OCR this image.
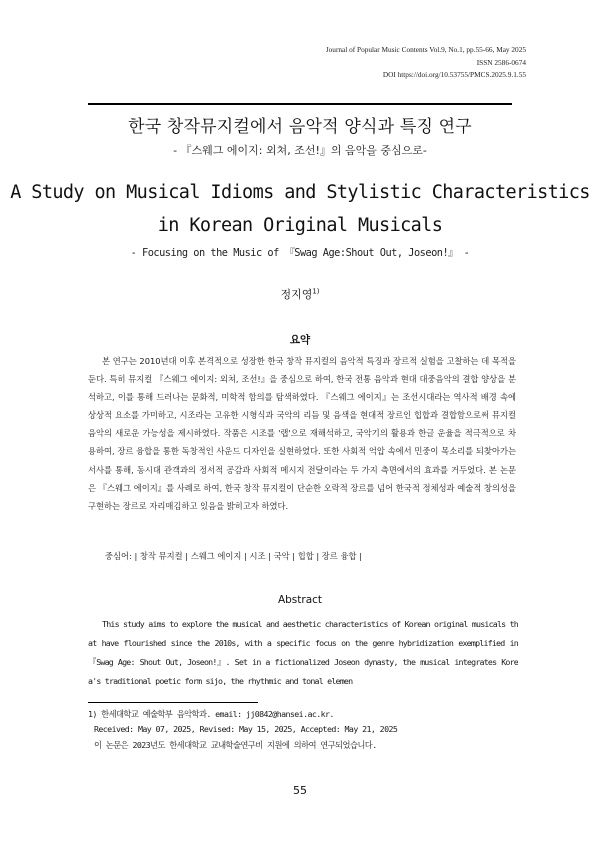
Journal of Popular Music Contents Vol.9, No.1, pp.55-66, May 2025
ISSN 2586-0674
DOI https://doi.org/10.53755/PMCS.2025.9.1.55
한국 창작뮤지컬에서 음악적 양식과 특징 연구
- 『스웨그 에이지: 외쳐, 조선!』의 음악을 중심으로-
A Study on Musical Idioms and Stylistic Characteristics
in Korean Original Musicals
- Focusing on the Music of 『Swag Age:Shout Out, Joseon!』 -
정지영$^{1)}$
요약

본 연구는 2010년대 이후 본격적으로 성장한 한국 창작 뮤지컬의 음악적 특징과 장르적 실험을 고찰하는 데 목적을 둔다. 특히 뮤지컬 『스웨그 에이지: 외쳐, 조선!』을 중심으로 하여, 한국 전통 음악과 현대 대중음악의 결합 양상을 분석하고, 이를 통해 드러나는 문화적, 미학적 함의를 탐색하였다. 『스웨그 에이지』는 조선시대라는 역사적 배경 속에 상상적 요소를 가미하고, 시조라는 고유한 시형식과 국악의 리듬 및 음색을 현대적 장르인 힙합과 결합함으로써 뮤지컬 음악의 새로운 가능성을 제시하였다. 작품은 시조를 '랩'으로 재해석하고, 국악기의 활용과 한글 운율을 적극적으로 차용하여, 장르 융합을 통한 독창적인 사운드 디자인을 실현하였다. 또한 사회적 억압 속에서 민중이 목소리를 되찾아가는 서사를 통해, 동시대 관객과의 정서적 공감과 사회적 메시지 전달이라는 두 가지 측면에서의 효과를 거두었다. 본 논문은 『스웨그 에이지』를 사례로 하여, 한국 창작 뮤지컬이 단순한 오락적 장르를 넘어 한국적 정체성과 예술적 창의성을 구현하는 장르로 자리매김하고 있음을 밝히고자 하였다.

중심어: | 창작 뮤지컬 | 스웨그 에이지 | 시조 | 국악 | 힙합 | 장르 융합 |
Abstract

This study aims to explore the musical and aesthetic characteristics of Korean original musicals that have flourished since the 2010s, with a specific focus on the genre hybridization exemplified in 『Swag Age: Shout Out, Joseon!』. Set in a fictionalized Joseon dynasty, the musical integrates Korea's traditional poetic form sijo, the rhythmic and tonal elemen

1) 한세대학교 예술학부 음악학과. email: jj0842@hansei.ac.kr.
Received: May 07, 2025, Revised: May 15, 2025, Accepted: May 21, 2025
이 논문은 2023년도 한세대학교 교내학술연구비 지원에 의하여 연구되었습니다.
55
